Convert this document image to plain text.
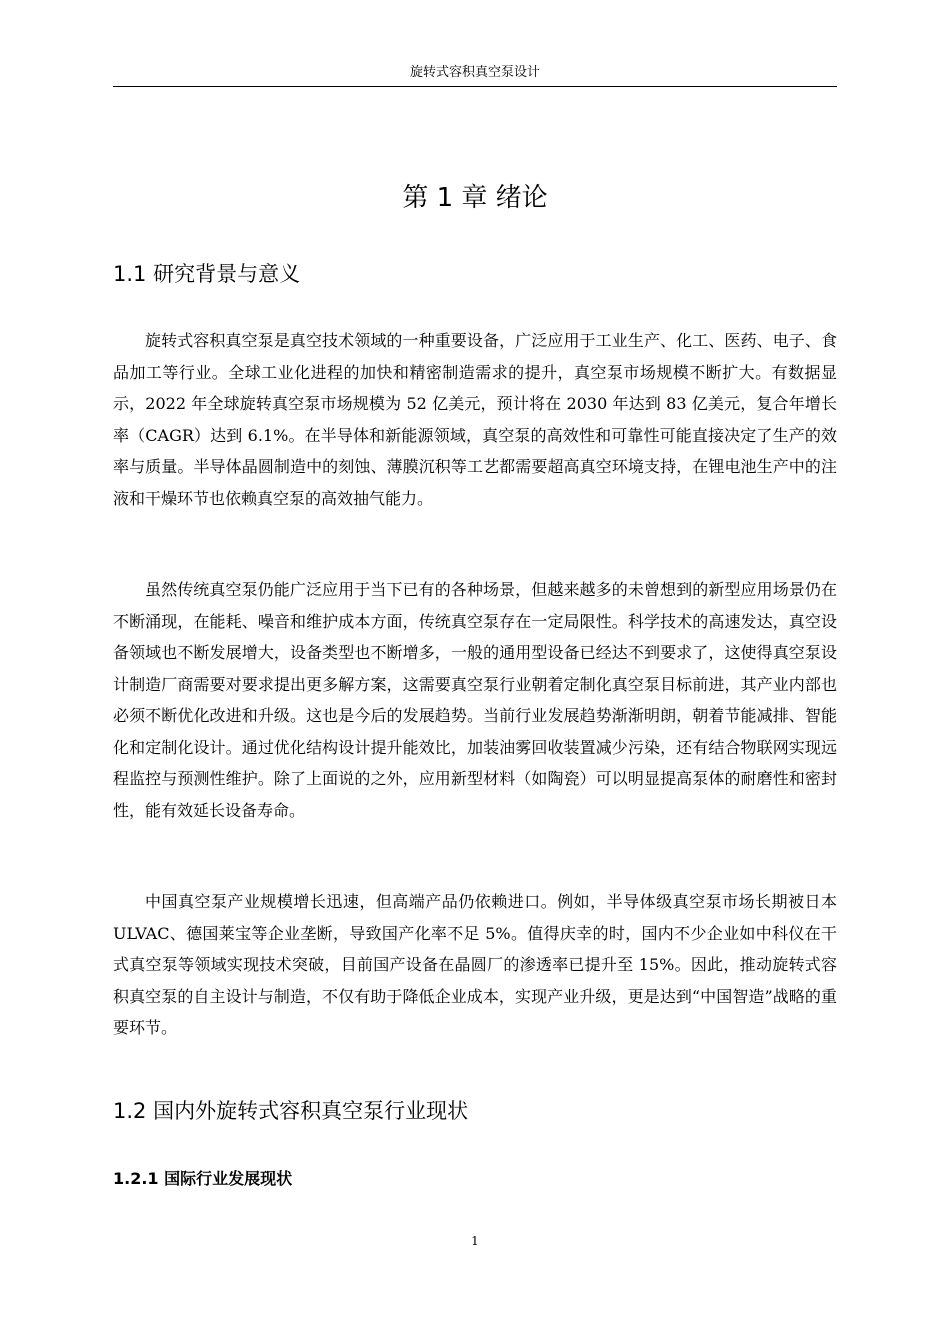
旋转式容积真空泵设计
第 1 章 绪论
1.1 研究背景与意义

旋转式容积真空泵是真空技术领域的一种重要设备，广泛应用于工业生产、化工、医药、电子、食品加工等行业。全球工业化进程的加快和精密制造需求的提升，真空泵市场规模不断扩大。有数据显示，2022 年全球旋转真空泵市场规模为 52 亿美元，预计将在 2030 年达到 83 亿美元，复合年增长率（CAGR）达到 6.1%。在半导体和新能源领域，真空泵的高效性和可靠性可能直接决定了生产的效率与质量。半导体晶圆制造中的刻蚀、薄膜沉积等工艺都需要超高真空环境支持，在锂电池生产中的注液和干燥环节也依赖真空泵的高效抽气能力。

虽然传统真空泵仍能广泛应用于当下已有的各种场景，但越来越多的未曾想到的新型应用场景仍在不断涌现，在能耗、噪音和维护成本方面，传统真空泵存在一定局限性。科学技术的高速发达，真空设备领域也不断发展增大，设备类型也不断增多，一般的通用型设备已经达不到要求了，这使得真空泵设计制造厂商需要对要求提出更多解方案，这需要真空泵行业朝着定制化真空泵目标前进，其产业内部也必须不断优化改进和升级。这也是今后的发展趋势。当前行业发展趋势渐渐明朗，朝着节能减排、智能化和定制化设计。通过优化结构设计提升能效比，加装油雾回收装置减少污染，还有结合物联网实现远程监控与预测性维护。除了上面说的之外，应用新型材料（如陶瓷）可以明显提高泵体的耐磨性和密封性，能有效延长设备寿命。

中国真空泵产业规模增长迅速，但高端产品仍依赖进口。例如，半导体级真空泵市场长期被日本 ULVAC、德国莱宝等企业垄断，导致国产化率不足 5%。值得庆幸的时，国内不少企业如中科仪在干式真空泵等领域实现技术突破，目前国产设备在晶圆厂的渗透率已提升至 15%。因此，推动旋转式容积真空泵的自主设计与制造，不仅有助于降低企业成本，实现产业升级，更是达到“中国智造”战略的重要环节。

1.2 国内外旋转式容积真空泵行业现状
1.2.1 国际行业发展现状
1
